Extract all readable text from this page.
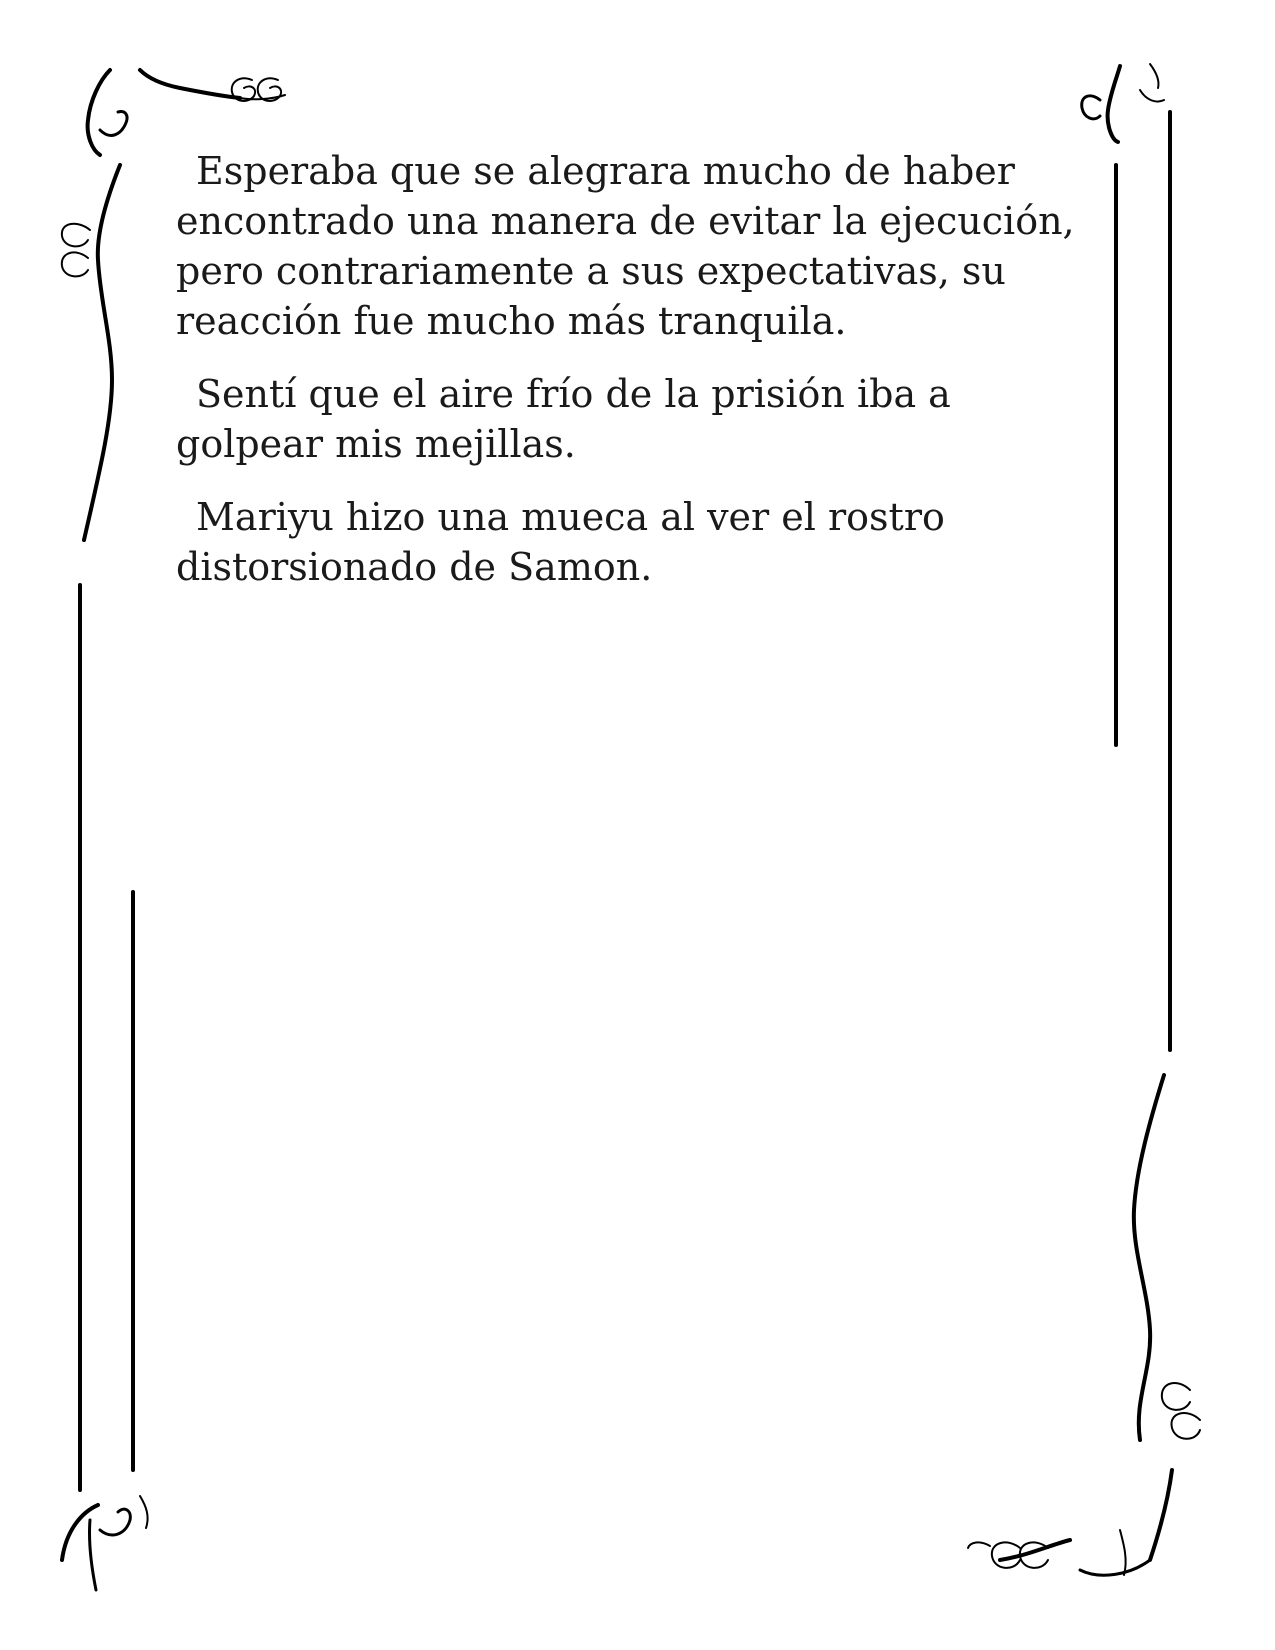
Esperaba que se alegrara mucho de haber
encontrado una manera de evitar la ejecución,
pero contrariamente a sus expectativas, su
reacción fue mucho más tranquila.

Sentí que el aire frío de la prisión iba a
golpear mis mejillas.

Mariyu hizo una mueca al ver el rostro
distorsionado de Samon.
